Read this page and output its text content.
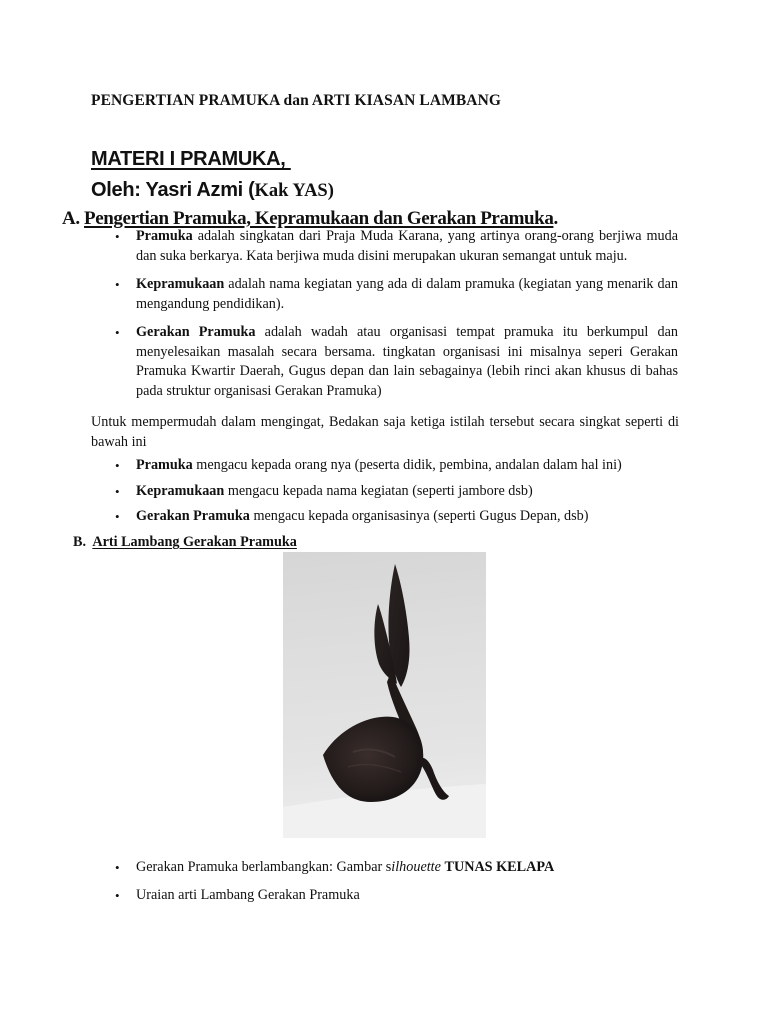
PENGERTIAN PRAMUKA dan ARTI KIASAN LAMBANG
MATERI I PRAMUKA,
Oleh: Yasri Azmi (Kak YAS)
A. Pengertian Pramuka, Kepramukaan dan Gerakan Pramuka.
• Pramuka adalah singkatan dari Praja Muda Karana, yang artinya orang-orang berjiwa muda dan suka berkarya. Kata berjiwa muda disini merupakan ukuran semangat untuk maju.
• Kepramukaan adalah nama kegiatan yang ada di dalam pramuka (kegiatan yang menarik dan mengandung pendidikan).
• Gerakan Pramuka adalah wadah atau organisasi tempat pramuka itu berkumpul dan menyelesaikan masalah secara bersama. tingkatan organisasi ini misalnya seperi Gerakan Pramuka Kwartir Daerah, Gugus depan dan lain sebagainya (lebih rinci akan khusus di bahas pada struktur organisasi Gerakan Pramuka)
Untuk mempermudah dalam mengingat, Bedakan saja ketiga istilah tersebut secara singkat seperti di bawah ini
• Pramuka mengacu kepada orang nya (peserta didik, pembina, andalan dalam hal ini)
• Kepramukaan mengacu kepada nama kegiatan (seperti jambore dsb)
• Gerakan Pramuka mengacu kepada organisasinya (seperti Gugus Depan, dsb)
B.  Arti Lambang Gerakan Pramuka
• Gerakan Pramuka berlambangkan: Gambar silhouette TUNAS KELAPA
• Uraian arti Lambang Gerakan Pramuka
